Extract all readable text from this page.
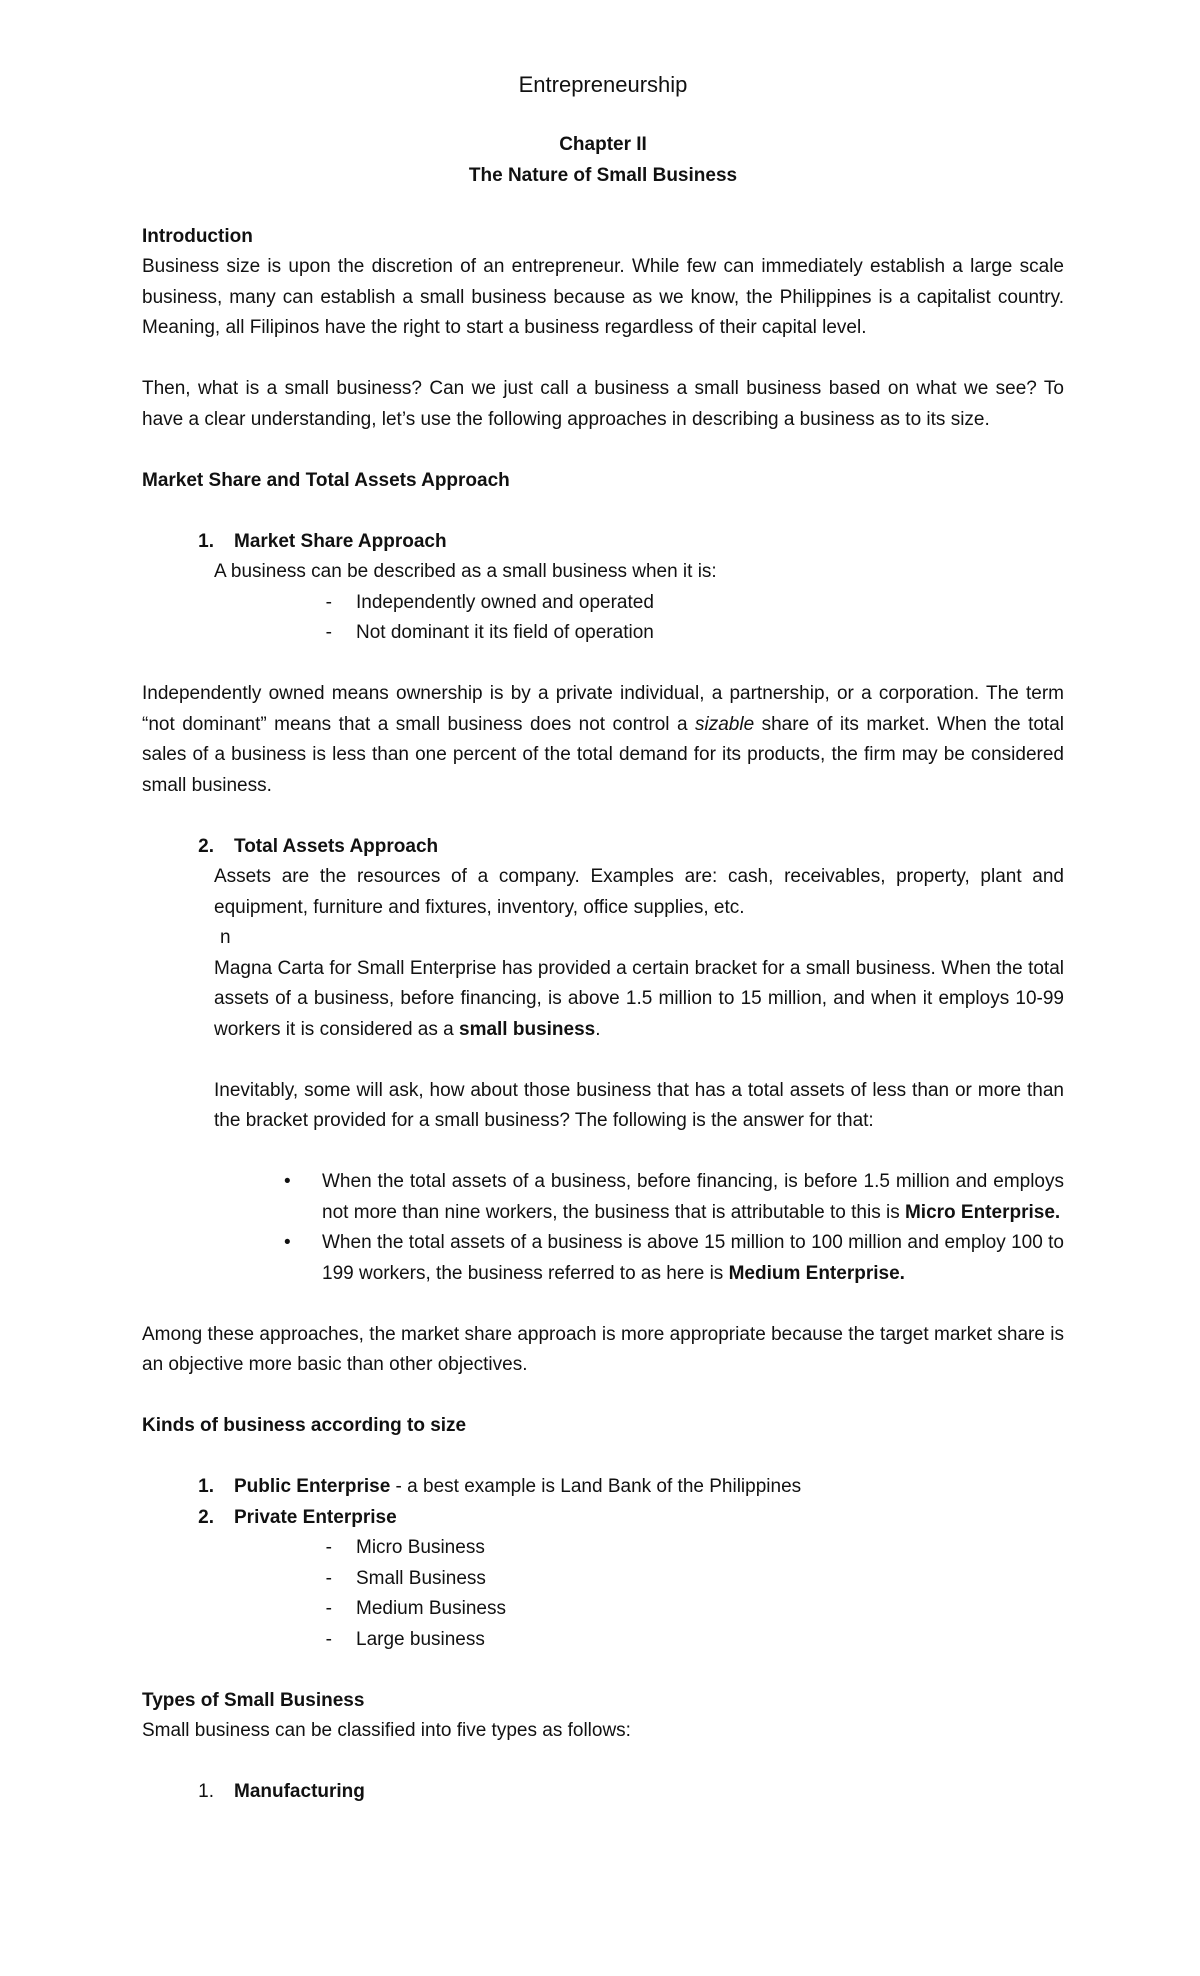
Entrepreneurship
Chapter II
The Nature of Small Business
Introduction

Business size is upon the discretion of an entrepreneur. While few can immediately establish a large scale business, many can establish a small business because as we know, the Philippines is a capitalist country. Meaning, all Filipinos have the right to start a business regardless of their capital level.

Then, what is a small business? Can we just call a business a small business based on what we see? To have a clear understanding, let’s use the following approaches in describing a business as to its size.

Market Share and Total Assets Approach
1. Market Share Approach

A business can be described as a small business when it is:

-	Independently owned and operated
-	Not dominant it its field of operation

Independently owned means ownership is by a private individual, a partnership, or a corporation. The term “not dominant” means that a small business does not control a sizable share of its market. When the total sales of a business is less than one percent of the total demand for its products, the firm may be considered small business.

2. Total Assets Approach

Assets are the resources of a company. Examples are: cash, receivables, property, plant and equipment, furniture and fixtures, inventory, office supplies, etc.

n

Magna Carta for Small Enterprise has provided a certain bracket for a small business. When the total assets of a business, before financing, is above 1.5 million to 15 million, and when it employs 10-99 workers it is considered as a small business.

Inevitably, some will ask, how about those business that has a total assets of less than or more than the bracket provided for a small business? The following is the answer for that:

•	When the total assets of a business, before financing, is before 1.5 million and employs not more than nine workers, the business that is attributable to this is Micro Enterprise.
•	When the total assets of a business is above 15 million to 100 million and employ 100 to 199 workers, the business referred to as here is Medium Enterprise.

Among these approaches, the market share approach is more appropriate because the target market share is an objective more basic than other objectives.

Kinds of business according to size
1. Public Enterprise - a best example is Land Bank of the Philippines
2. Private Enterprise
-	Micro Business
-	Small Business
-	Medium Business
-	Large business
Types of Small Business

Small business can be classified into five types as follows:

1. Manufacturing
